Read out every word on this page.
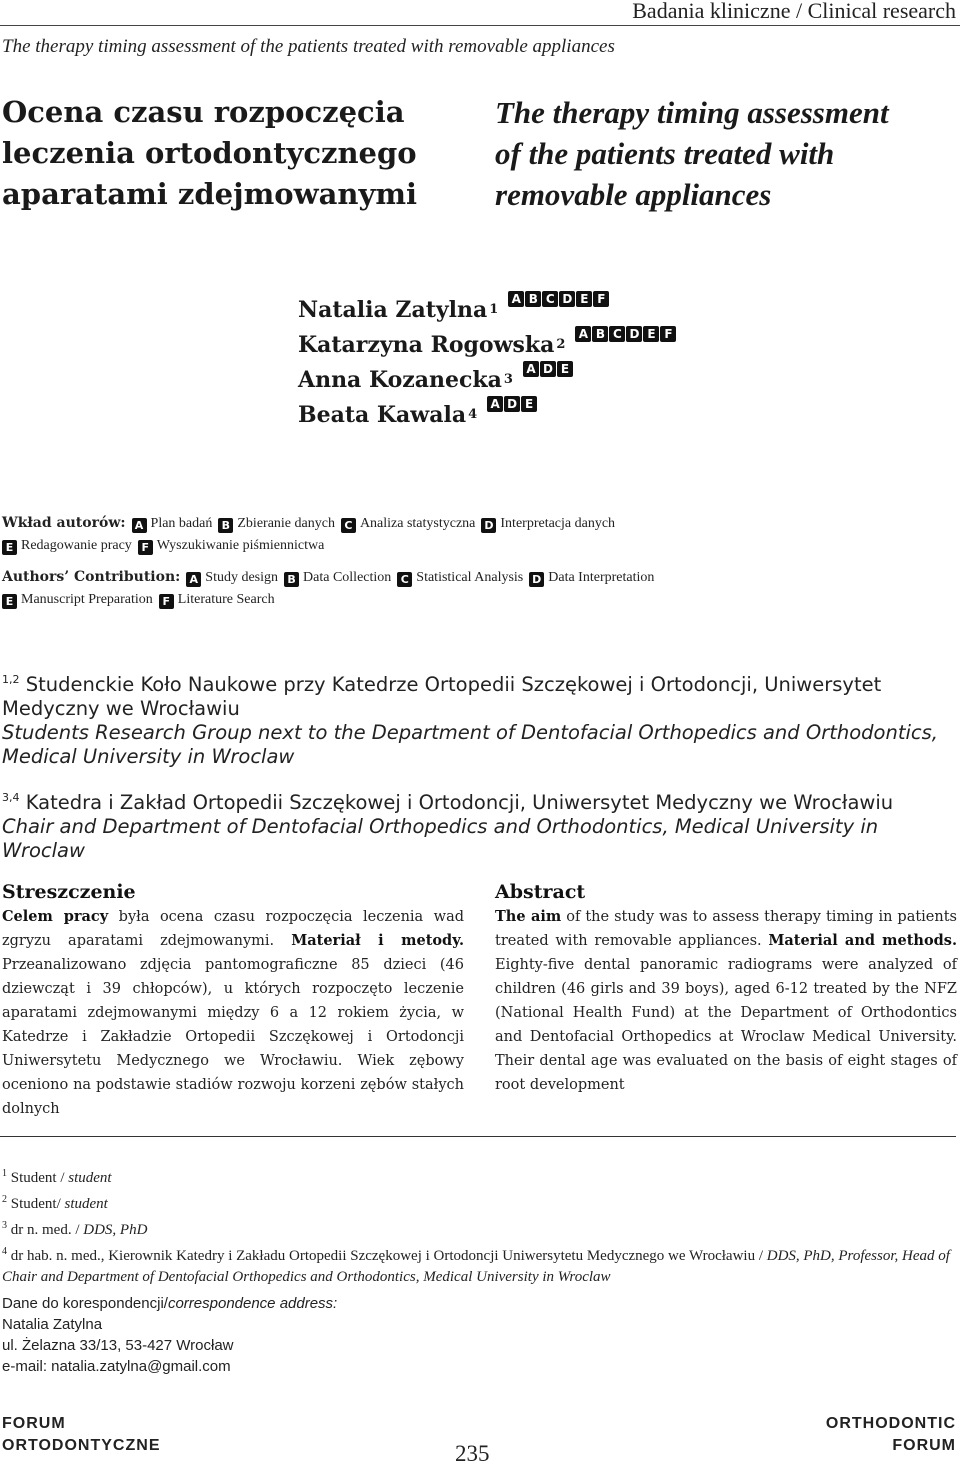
Badania kliniczne / Clinical research
The therapy timing assessment of the patients treated with removable appliances
Ocena czasu rozpoczęcia
leczenia ortodontycznego
aparatami zdejmowanymi
The therapy timing assessment
of the patients treated with
removable appliances
Natalia Zatylna 1
A B C D E F
Katarzyna Rogowska 2
A B C D E F
Anna Kozanecka 3
A D E
Beata Kawala 4
A D E
Wkład autorów: A Plan badań B Zbieranie danych C Analiza statystyczna D Interpretacja danych
E Redagowanie pracy F Wyszukiwanie piśmiennictwa
Authors’ Contribution: A Study design B Data Collection C Statistical Analysis D Data Interpretation
E Manuscript Preparation F Literature Search
$^{1,2}$ Studenckie Koło Naukowe przy Katedrze Ortopedii Szczękowej i Ortodoncji, Uniwersytet Medyczny we Wrocławiu
Students Research Group next to the Department of Dentofacial Orthopedics and Orthodontics, Medical University in Wroclaw
$^{3,4}$ Katedra i Zakład Ortopedii Szczękowej i Ortodoncji, Uniwersytet Medyczny we Wrocławiu
Chair and Department of Dentofacial Orthopedics and Orthodontics, Medical University in Wroclaw
Streszczenie
Celem pracy była ocena czasu rozpoczęcia leczenia wad zgryzu aparatami zdejmowanymi. Materiał i metody. Przeanalizowano zdjęcia pantomograficzne 85 dzieci (46 dziewcząt i 39 chłopców), u których rozpoczęto leczenie aparatami zdejmowanymi między 6 a 12 rokiem życia, w Katedrze i Zakładzie Ortopedii Szczękowej i Ortodoncji Uniwersytetu Medycznego we Wrocławiu. Wiek zębowy oceniono na podstawie stadiów rozwoju korzeni zębów stałych dolnych
Abstract
The aim of the study was to assess therapy timing in patients treated with removable appliances. Material and methods. Eighty-five dental panoramic radiograms were analyzed of children (46 girls and 39 boys), aged 6-12 treated by the NFZ (National Health Fund) at the Department of Orthodontics and Dentofacial Orthopedics at Wroclaw Medical University. Their dental age was evaluated on the basis of eight stages of root development
$^1$ Student / student
$^2$ Student/ student
$^3$ dr n. med. / DDS, PhD
$^4$ dr hab. n. med., Kierownik Katedry i Zakładu Ortopedii Szczękowej i Ortodoncji Uniwersytetu Medycznego we Wrocławiu / DDS, PhD, Professor, Head of Chair and Department of Dentofacial Orthopedics and Orthodontics, Medical University in Wroclaw
Dane do korespondencji/correspondence address:
Natalia Zatylna
ul. Żelazna 33/13, 53-427 Wrocław
e-mail: natalia.zatylna@gmail.com
FORUM
ORTODONTYCZNE
ORTHODONTIC
FORUM
235
